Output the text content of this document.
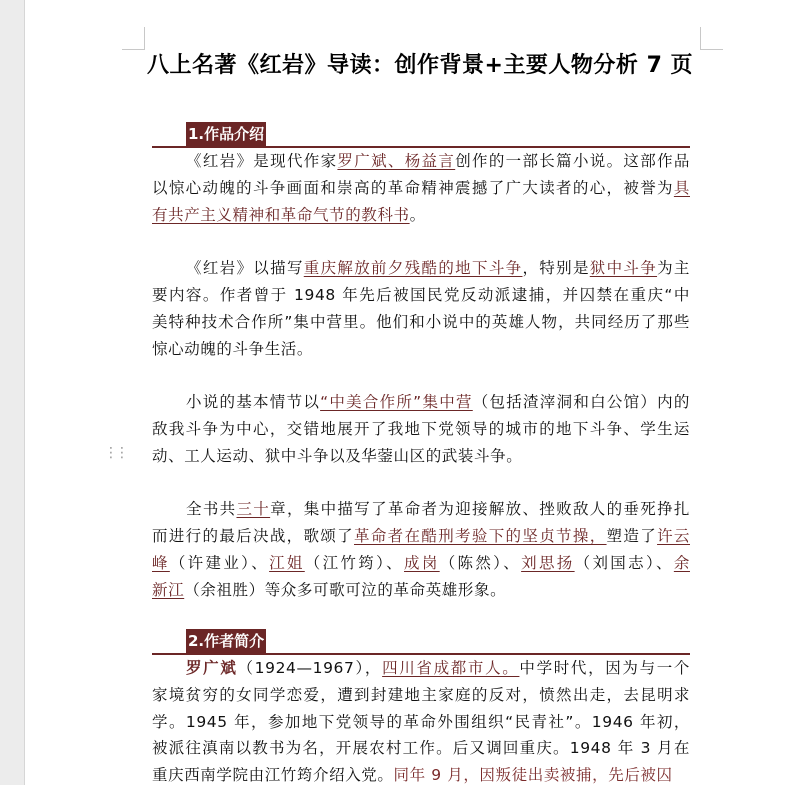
八上名著《红岩》导读：创作背景+主要人物分析 7 页
⋮⋮
1.作品介绍
《红岩》是现代作家罗广斌、杨益言创作的一部长篇小说。这部作品
以惊心动魄的斗争画面和崇高的革命精神震撼了广大读者的心，被誉为具
有共产主义精神和革命气节的教科书。
《红岩》以描写重庆解放前夕残酷的地下斗争，特别是狱中斗争为主
要内容。作者曾于 1948 年先后被国民党反动派逮捕，并囚禁在重庆“中
美特种技术合作所”集中营里。他们和小说中的英雄人物，共同经历了那些
惊心动魄的斗争生活。
小说的基本情节以“中美合作所”集中营（包括渣滓洞和白公馆）内的
敌我斗争为中心，交错地展开了我地下党领导的城市的地下斗争、学生运
动、工人运动、狱中斗争以及华蓥山区的武装斗争。
全书共三十章，集中描写了革命者为迎接解放、挫败敌人的垂死挣扎
而进行的最后决战，歌颂了革命者在酷刑考验下的坚贞节操，塑造了许云
峰（许建业）、江姐（江竹筠）、成岗（陈然）、刘思扬（刘国志）、余
新江（余祖胜）等众多可歌可泣的革命英雄形象。
2.作者简介
罗广斌（1924—1967），四川省成都市人。中学时代，因为与一个
家境贫穷的女同学恋爱，遭到封建地主家庭的反对，愤然出走，去昆明求
学。1945 年，参加地下党领导的革命外围组织“民青社”。1946 年初，
被派往滇南以教书为名，开展农村工作。后又调回重庆。1948 年 3 月在
重庆西南学院由江竹筠介绍入党。同年 9 月，因叛徒出卖被捕，先后被囚
